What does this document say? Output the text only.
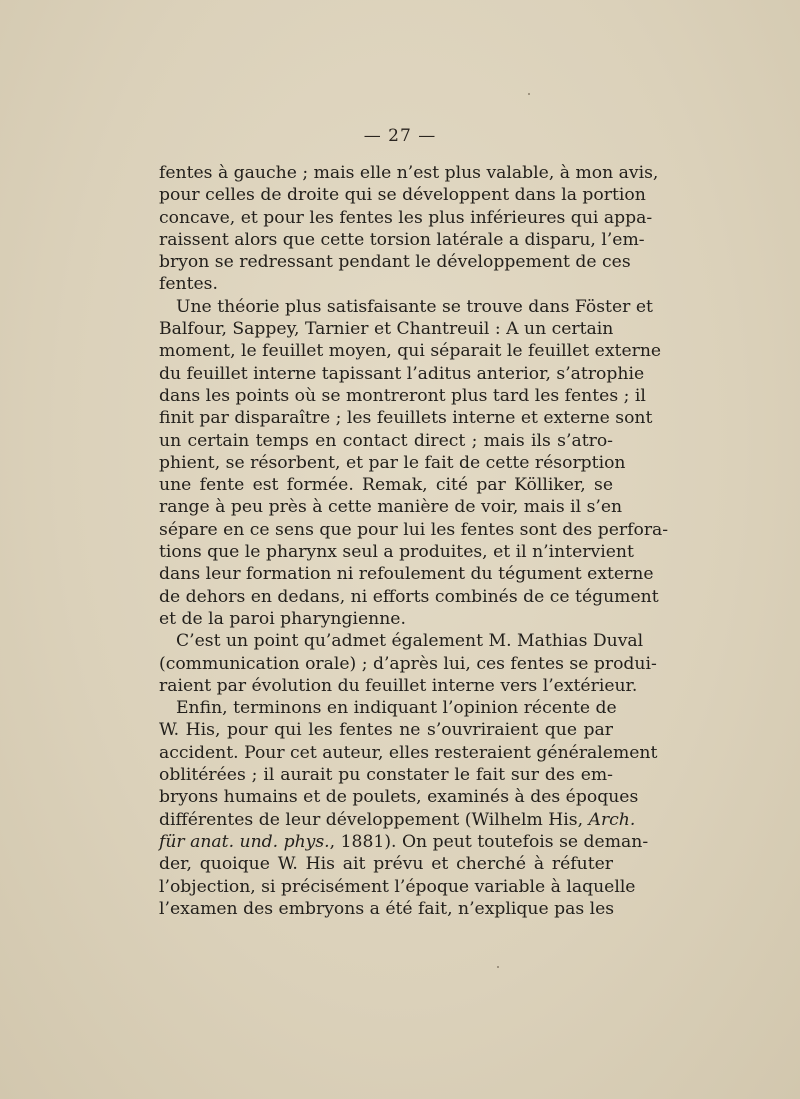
— 27 —
fentes à gauche ; mais elle n’est plus valable, à mon avis,
pour celles de droite qui se développent dans la portion
concave, et pour les fentes les plus inférieures qui appa-
raissent alors que cette torsion latérale a disparu, l’em-
bryon se redressant pendant le développement de ces
fentes.
Une théorie plus satisfaisante se trouve dans Föster et
Balfour, Sappey, Tarnier et Chantreuil : A un certain
moment, le feuillet moyen, qui séparait le feuillet externe
du feuillet interne tapissant l’aditus anterior, s’atrophie
dans les points où se montreront plus tard les fentes ; il
finit par disparaître ; les feuillets interne et externe sont
un certain temps en contact direct ; mais ils s’atro-
phient, se résorbent, et par le fait de cette résorption
une fente est formée. Remak, cité par Kölliker, se
range à peu près à cette manière de voir, mais il s’en
sépare en ce sens que pour lui les fentes sont des perfora-
tions que le pharynx seul a produites, et il n’intervient
dans leur formation ni refoulement du tégument externe
de dehors en dedans, ni efforts combinés de ce tégument
et de la paroi pharyngienne.
C’est un point qu’admet également M. Mathias Duval
(communication orale) ; d’après lui, ces fentes se produi-
raient par évolution du feuillet interne vers l’extérieur.
Enfin, terminons en indiquant l’opinion récente de
W. His, pour qui les fentes ne s’ouvriraient que par
accident. Pour cet auteur, elles resteraient généralement
oblitérées ; il aurait pu constater le fait sur des em-
bryons humains et de poulets, examinés à des époques
différentes de leur développement (Wilhelm His, Arch.
für anat. und. phys., 1881). On peut toutefois se deman-
der, quoique W. His ait prévu et cherché à réfuter
l’objection, si précisément l’époque variable à laquelle
l’examen des embryons a été fait, n’explique pas les
